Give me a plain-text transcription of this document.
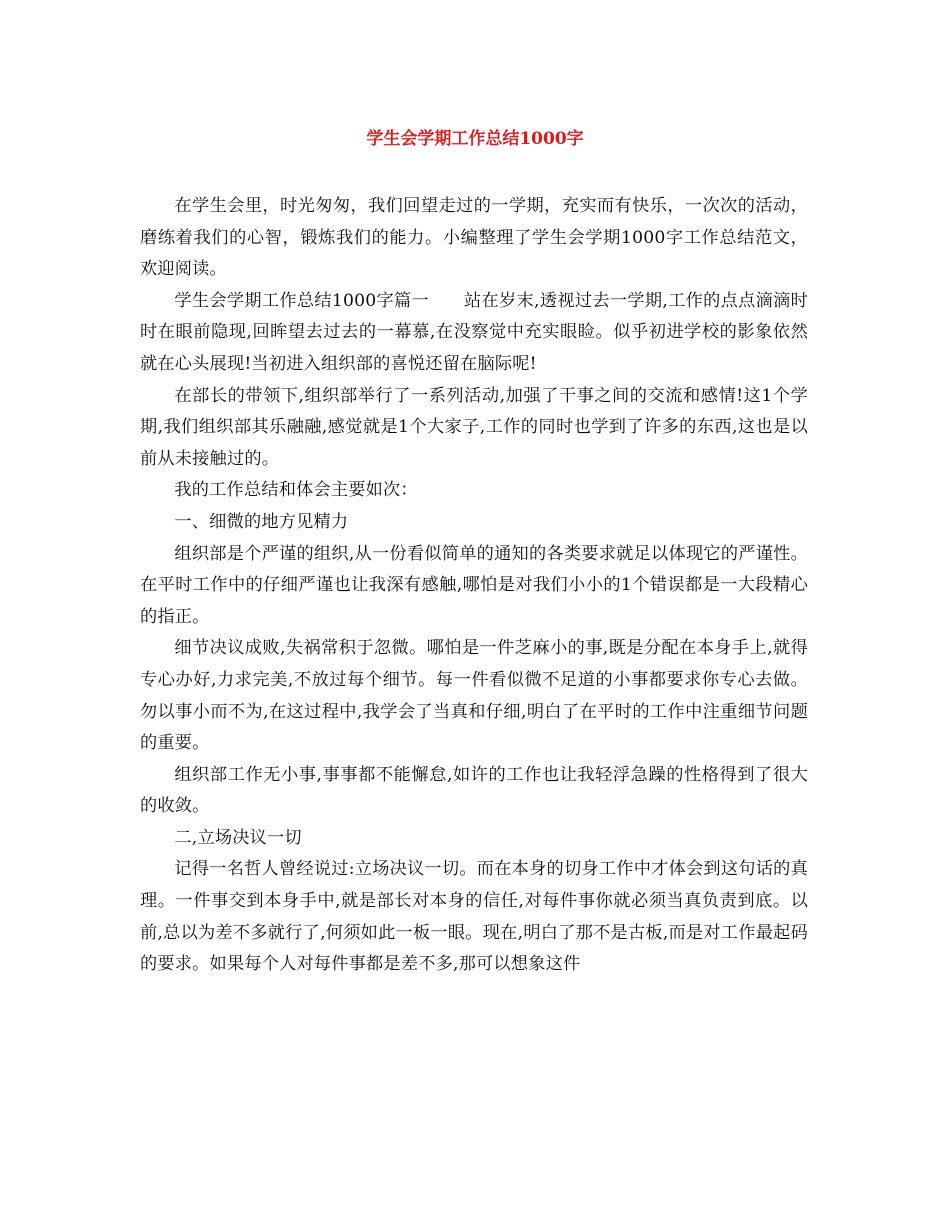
学生会学期工作总结1000字

在学生会里，时光匆匆，我们回望走过的一学期，充实而有快乐，一次次的活动，磨练着我们的心智，锻炼我们的能力。小编整理了学生会学期1000字工作总结范文，欢迎阅读。

学生会学期工作总结1000字篇一　　站在岁末,透视过去一学期,工作的点点滴滴时时在眼前隐现,回眸望去过去的一幕慕,在没察觉中充实眼睑。似乎初进学校的影象依然就在心头展现!当初进入组织部的喜悦还留在脑际呢!

在部长的带领下,组织部举行了一系列活动,加强了干事之间的交流和感情!这1个学期,我们组织部其乐融融,感觉就是1个大家子,工作的同时也学到了许多的东西,这也是以前从未接触过的。

我的工作总结和体会主要如次：

一、细微的地方见精力

组织部是个严谨的组织,从一份看似简单的通知的各类要求就足以体现它的严谨性。在平时工作中的仔细严谨也让我深有感触,哪怕是对我们小小的1个错误都是一大段精心的指正。

细节决议成败,失祸常积于忽微。哪怕是一件芝麻小的事,既是分配在本身手上,就得专心办好,力求完美,不放过每个细节。每一件看似微不足道的小事都要求你专心去做。勿以事小而不为,在这过程中,我学会了当真和仔细,明白了在平时的工作中注重细节问题的重要。

组织部工作无小事,事事都不能懈怠,如许的工作也让我轻浮急躁的性格得到了很大的收敛。

二,立场决议一切

记得一名哲人曾经说过:立场决议一切。而在本身的切身工作中才体会到这句话的真理。一件事交到本身手中,就是部长对本身的信任,对每件事你就必须当真负责到底。以前,总以为差不多就行了,何须如此一板一眼。现在,明白了那不是古板,而是对工作最起码的要求。如果每个人对每件事都是差不多,那可以想象这件
